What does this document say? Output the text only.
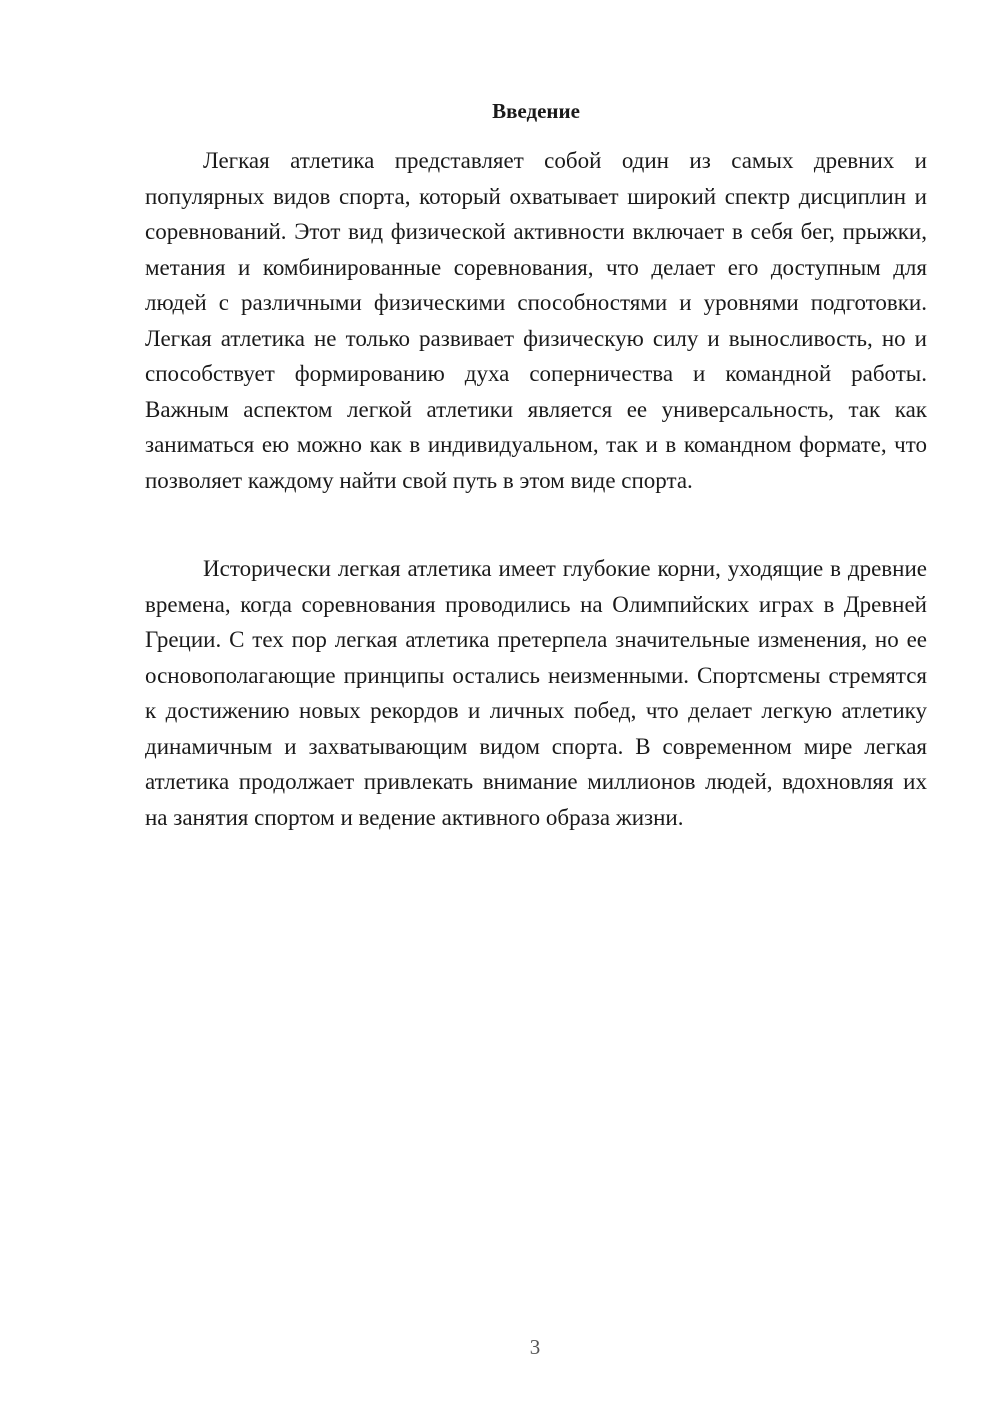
Введение

Легкая атлетика представляет собой один из самых древних и популярных видов спорта, который охватывает широкий спектр дисциплин и соревнований. Этот вид физической активности включает в себя бег, прыжки, метания и комбинированные соревнования, что делает его доступным для людей с различными физическими способностями и уровнями подготовки. Легкая атлетика не только развивает физическую силу и выносливость, но и способствует формированию духа соперничества и командной работы. Важным аспектом легкой атлетики является ее универсальность, так как заниматься ею можно как в индивидуальном, так и в командном формате, что позволяет каждому найти свой путь в этом виде спорта.

Исторически легкая атлетика имеет глубокие корни, уходящие в древние времена, когда соревнования проводились на Олимпийских играх в Древней Греции. С тех пор легкая атлетика претерпела значительные изменения, но ее основополагающие принципы остались неизменными. Спортсмены стремятся к достижению новых рекордов и личных побед, что делает легкую атлетику динамичным и захватывающим видом спорта. В современном мире легкая атлетика продолжает привлекать внимание миллионов людей, вдохновляя их на занятия спортом и ведение активного образа жизни.

3
